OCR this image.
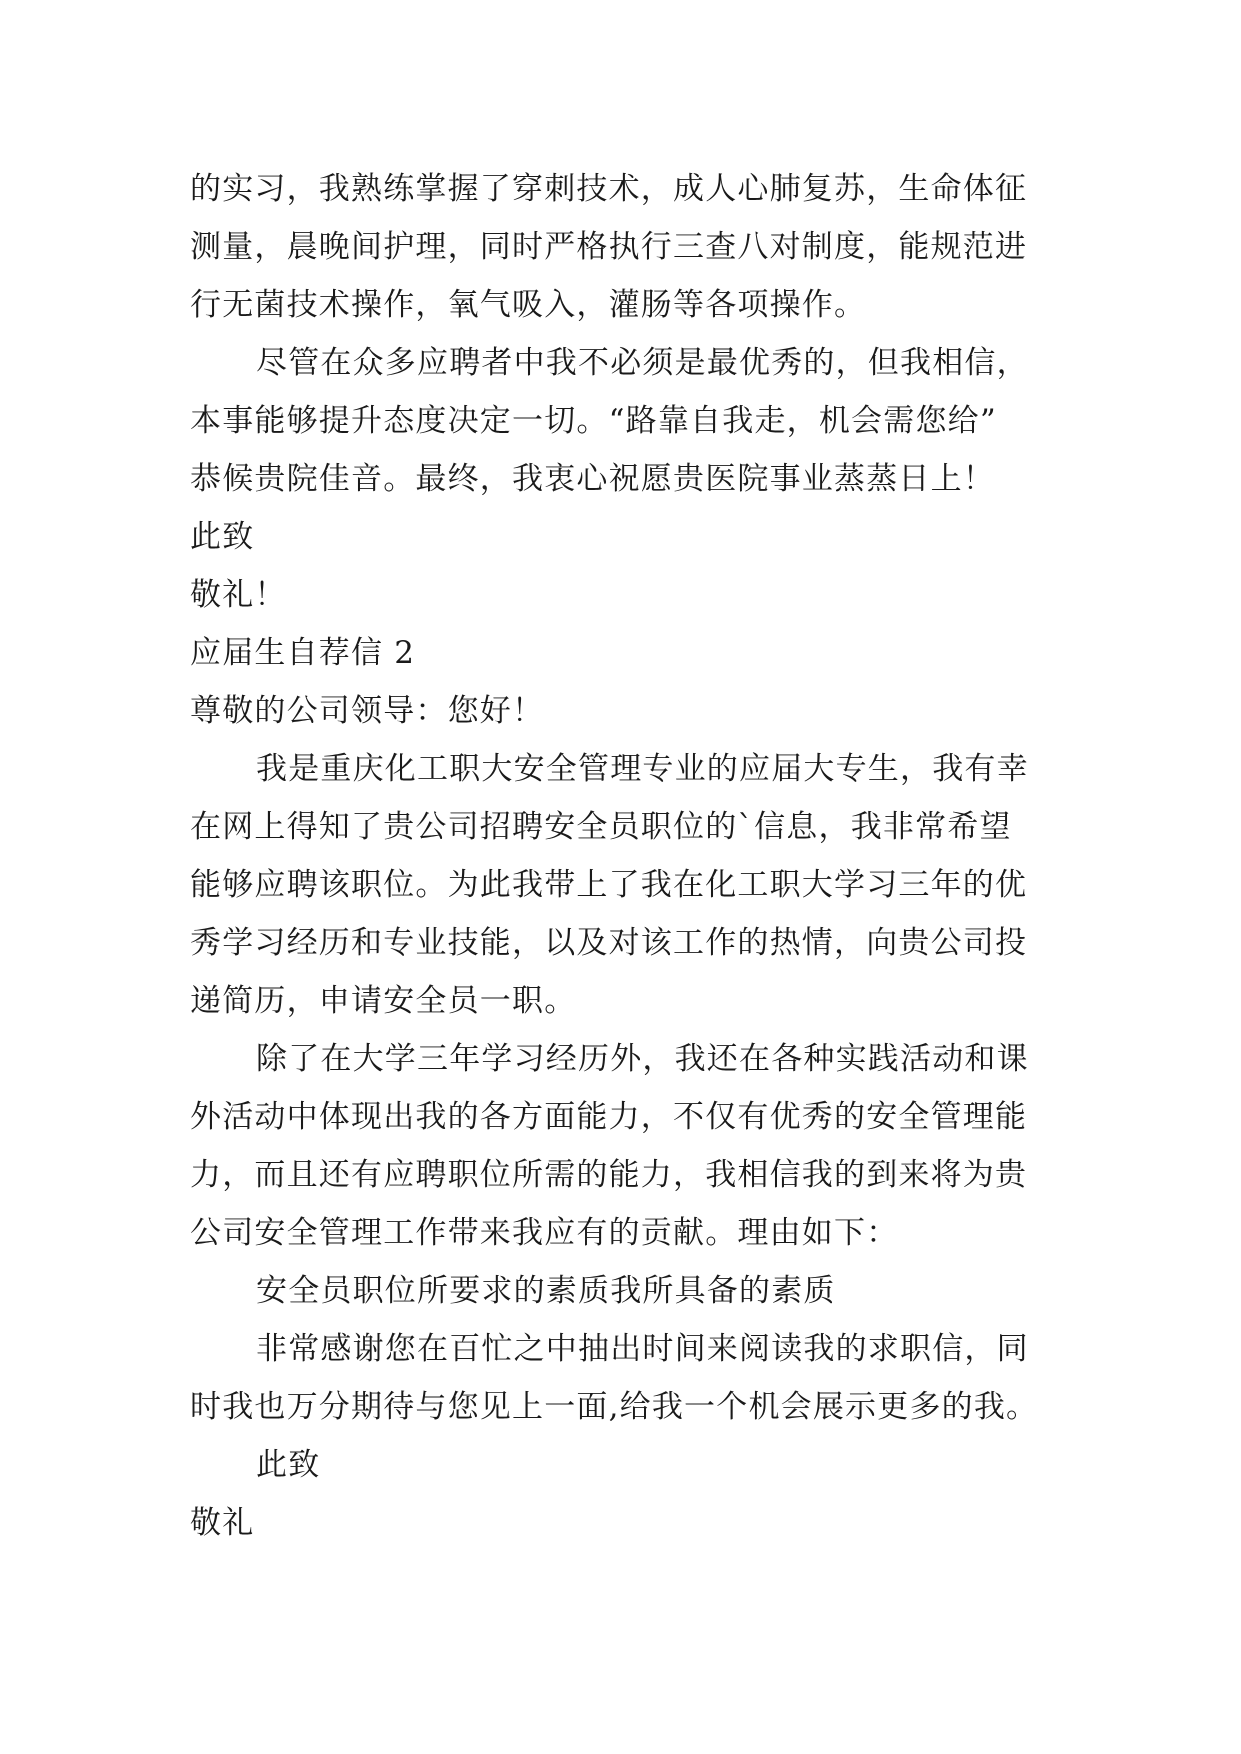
的实习，我熟练掌握了穿刺技术，成人心肺复苏，生命体征
测量，晨晚间护理，同时严格执行三查八对制度，能规范进
行无菌技术操作，氧气吸入，灌肠等各项操作。
尽管在众多应聘者中我不必须是最优秀的，但我相信，
本事能够提升态度决定一切。“路靠自我走，机会需您给”
恭候贵院佳音。最终，我衷心祝愿贵医院事业蒸蒸日上！
此致
敬礼！
应届生自荐信 2
尊敬的公司领导：您好！
我是重庆化工职大安全管理专业的应届大专生，我有幸
在网上得知了贵公司招聘安全员职位的`信息，我非常希望
能够应聘该职位。为此我带上了我在化工职大学习三年的优
秀学习经历和专业技能，以及对该工作的热情，向贵公司投
递简历，申请安全员一职。
除了在大学三年学习经历外，我还在各种实践活动和课
外活动中体现出我的各方面能力，不仅有优秀的安全管理能
力，而且还有应聘职位所需的能力，我相信我的到来将为贵
公司安全管理工作带来我应有的贡献。理由如下：
安全员职位所要求的素质我所具备的素质
非常感谢您在百忙之中抽出时间来阅读我的求职信，同
时我也万分期待与您见上一面,给我一个机会展示更多的我。
此致
敬礼
